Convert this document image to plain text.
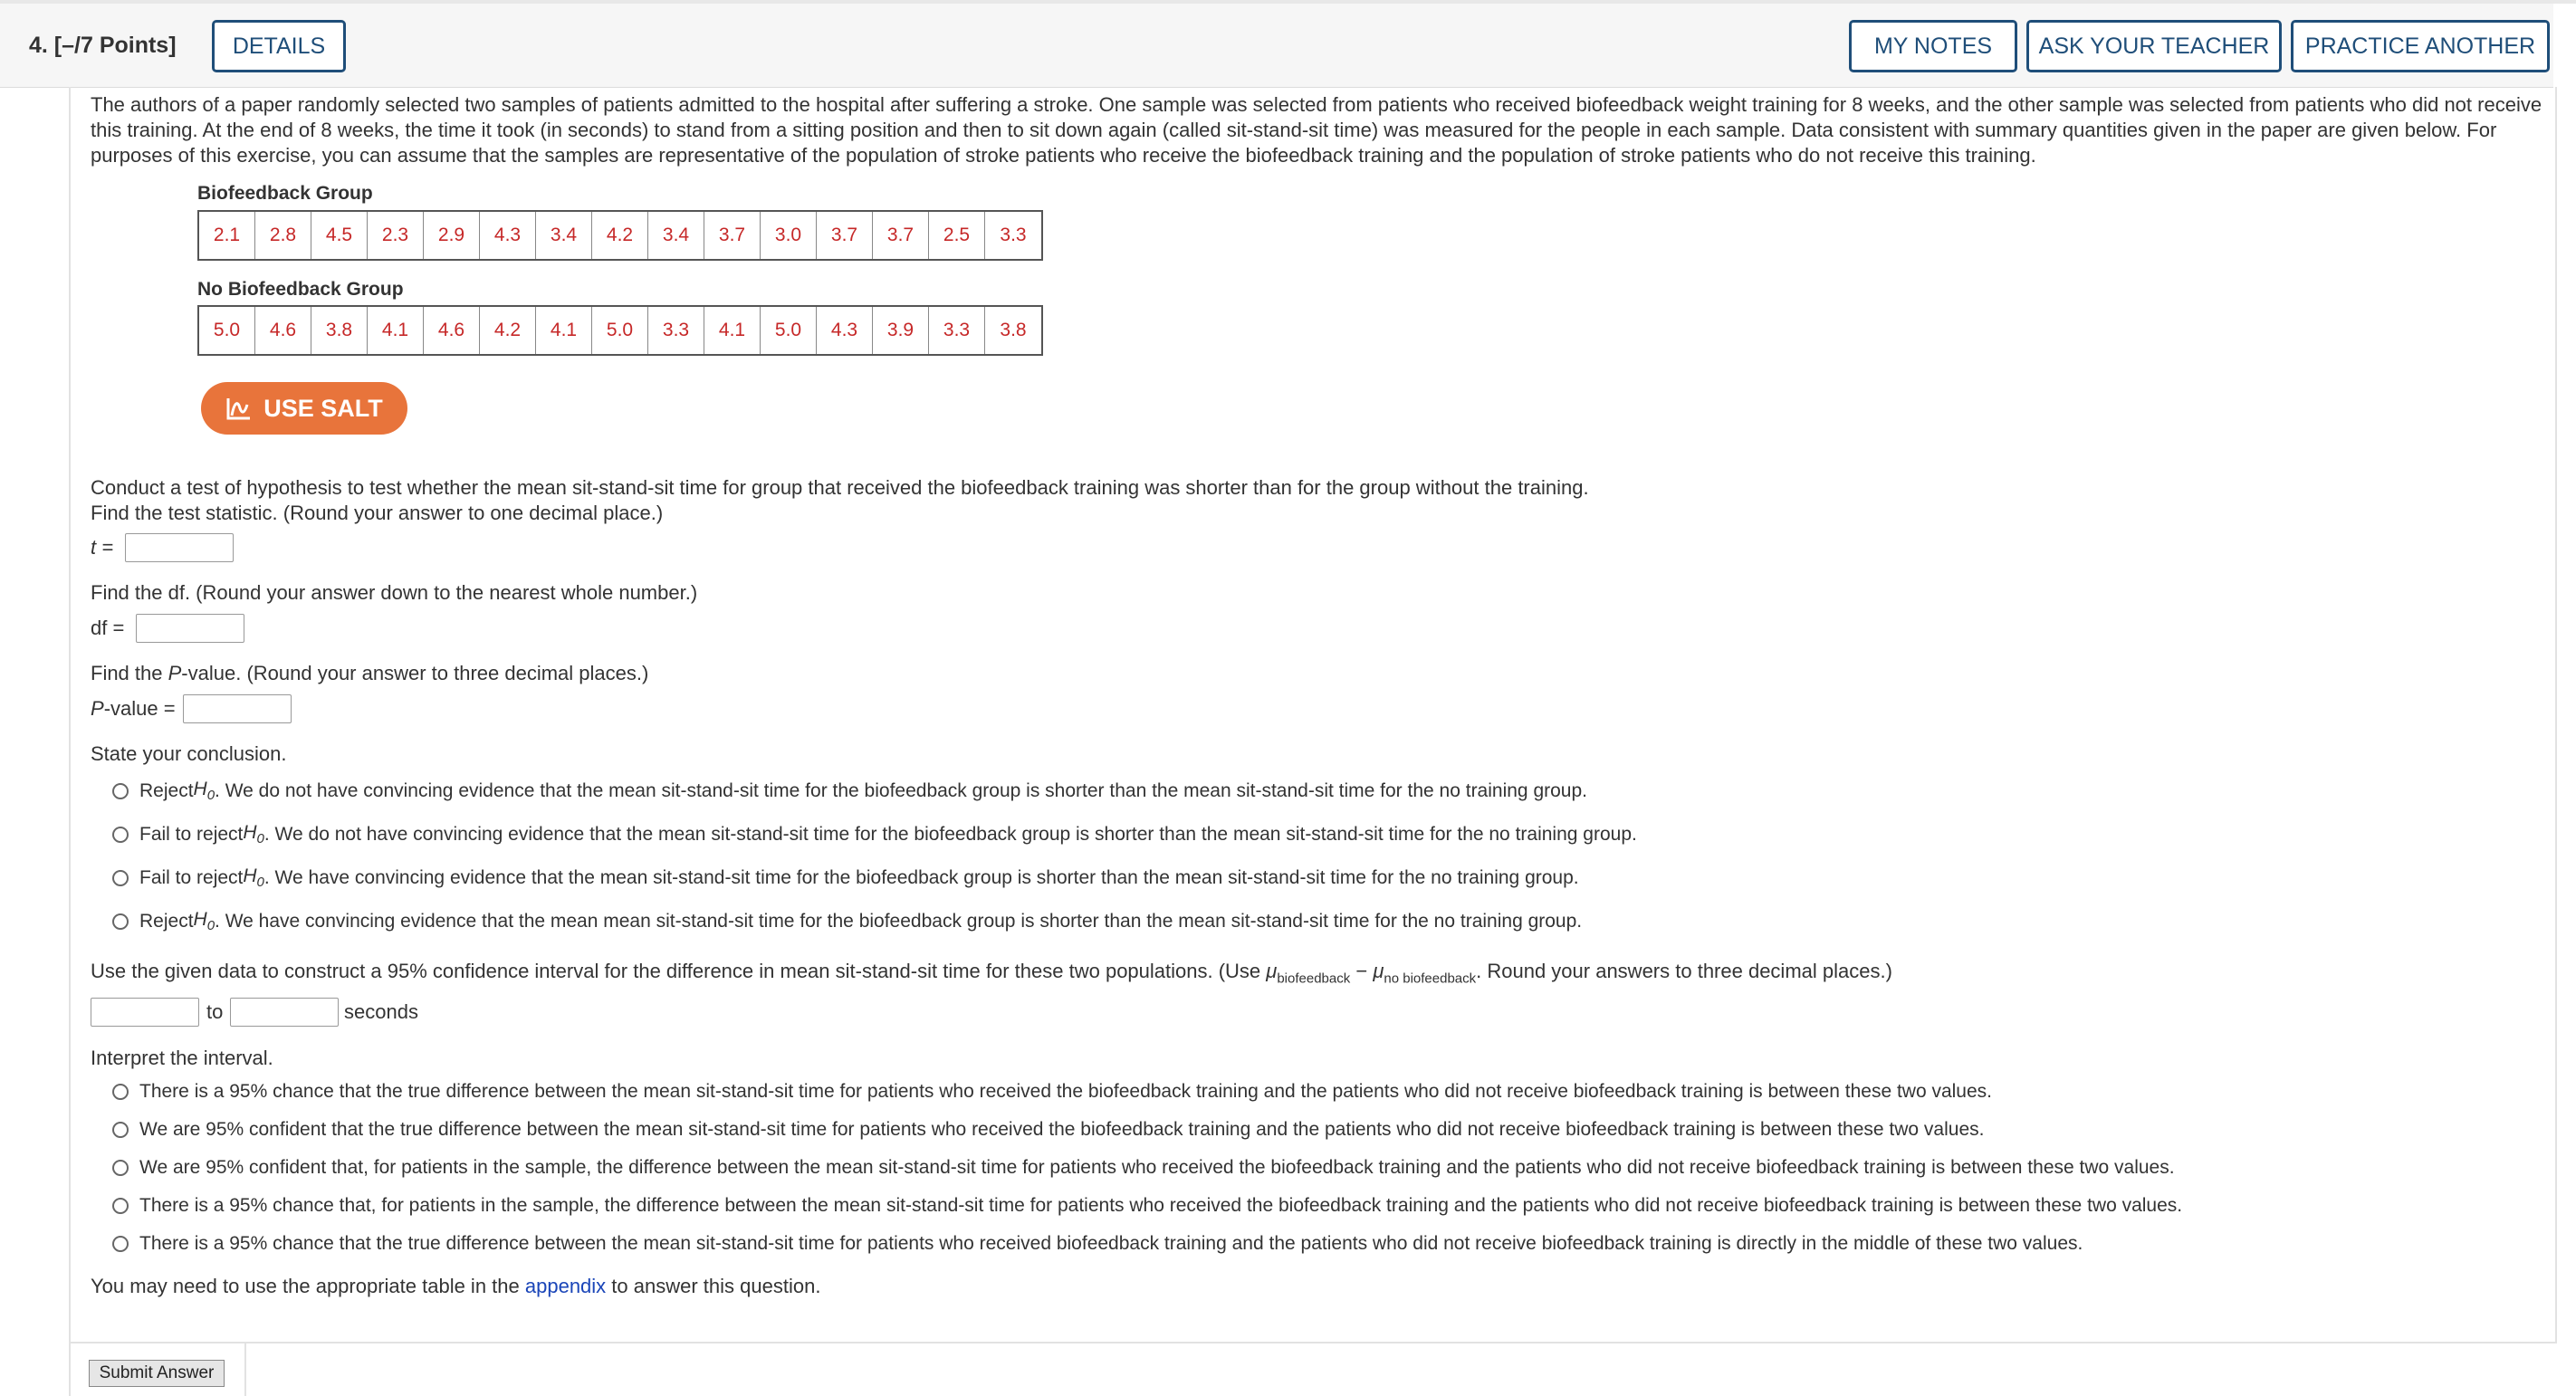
4. [–/7 Points]	DETAILS	MY NOTES	ASK YOUR TEACHER	PRACTICE ANOTHER
The authors of a paper randomly selected two samples of patients admitted to the hospital after suffering a stroke. One sample was selected from patients who received biofeedback weight training for 8 weeks, and the other sample was selected from patients who did not receive this training. At the end of 8 weeks, the time it took (in seconds) to stand from a sitting position and then to sit down again (called sit-stand-sit time) was measured for the people in each sample. Data consistent with summary quantities given in the paper are given below. For purposes of this exercise, you can assume that the samples are representative of the population of stroke patients who receive the biofeedback training and the population of stroke patients who do not receive this training.
Biofeedback Group
2.1	2.8	4.5	2.3	2.9	4.3	3.4	4.2	3.4	3.7	3.0	3.7	3.7	2.5	3.3
No Biofeedback Group
5.0	4.6	3.8	4.1	4.6	4.2	4.1	5.0	3.3	4.1	5.0	4.3	3.9	3.3	3.8
USE SALT
Conduct a test of hypothesis to test whether the mean sit-stand-sit time for group that received the biofeedback training was shorter than for the group without the training.
Find the test statistic. (Round your answer to one decimal place.)
t =
Find the df. (Round your answer down to the nearest whole number.)
df =
Find the P-value. (Round your answer to three decimal places.)
P-value =
State your conclusion.
Reject $H_0$ . We do not have convincing evidence that the mean sit-stand-sit time for the biofeedback group is shorter than the mean sit-stand-sit time for the no training group.
Fail to reject $H_0$ . We do not have convincing evidence that the mean sit-stand-sit time for the biofeedback group is shorter than the mean sit-stand-sit time for the no training group.
Fail to reject $H_0$ . We have convincing evidence that the mean sit-stand-sit time for the biofeedback group is shorter than the mean sit-stand-sit time for the no training group.
Reject $H_0$ . We have convincing evidence that the mean mean sit-stand-sit time for the biofeedback group is shorter than the mean sit-stand-sit time for the no training group.
Use the given data to construct a 95% confidence interval for the difference in mean sit-stand-sit time for these two populations. (Use $\mu_{biofeedback} - \mu_{no biofeedback}$. Round your answers to three decimal places.)
to	seconds
Interpret the interval.
There is a 95% chance that the true difference between the mean sit-stand-sit time for patients who received the biofeedback training and the patients who did not receive biofeedback training is between these two values.
We are 95% confident that the true difference between the mean sit-stand-sit time for patients who received the biofeedback training and the patients who did not receive biofeedback training is between these two values.
We are 95% confident that, for patients in the sample, the difference between the mean sit-stand-sit time for patients who received the biofeedback training and the patients who did not receive biofeedback training is between these two values.
There is a 95% chance that, for patients in the sample, the difference between the mean sit-stand-sit time for patients who received the biofeedback training and the patients who did not receive biofeedback training is between these two values.
There is a 95% chance that the true difference between the mean sit-stand-sit time for patients who received biofeedback training and the patients who did not receive biofeedback training is directly in the middle of these two values.
You may need to use the appropriate table in the appendix to answer this question.
Submit Answer
